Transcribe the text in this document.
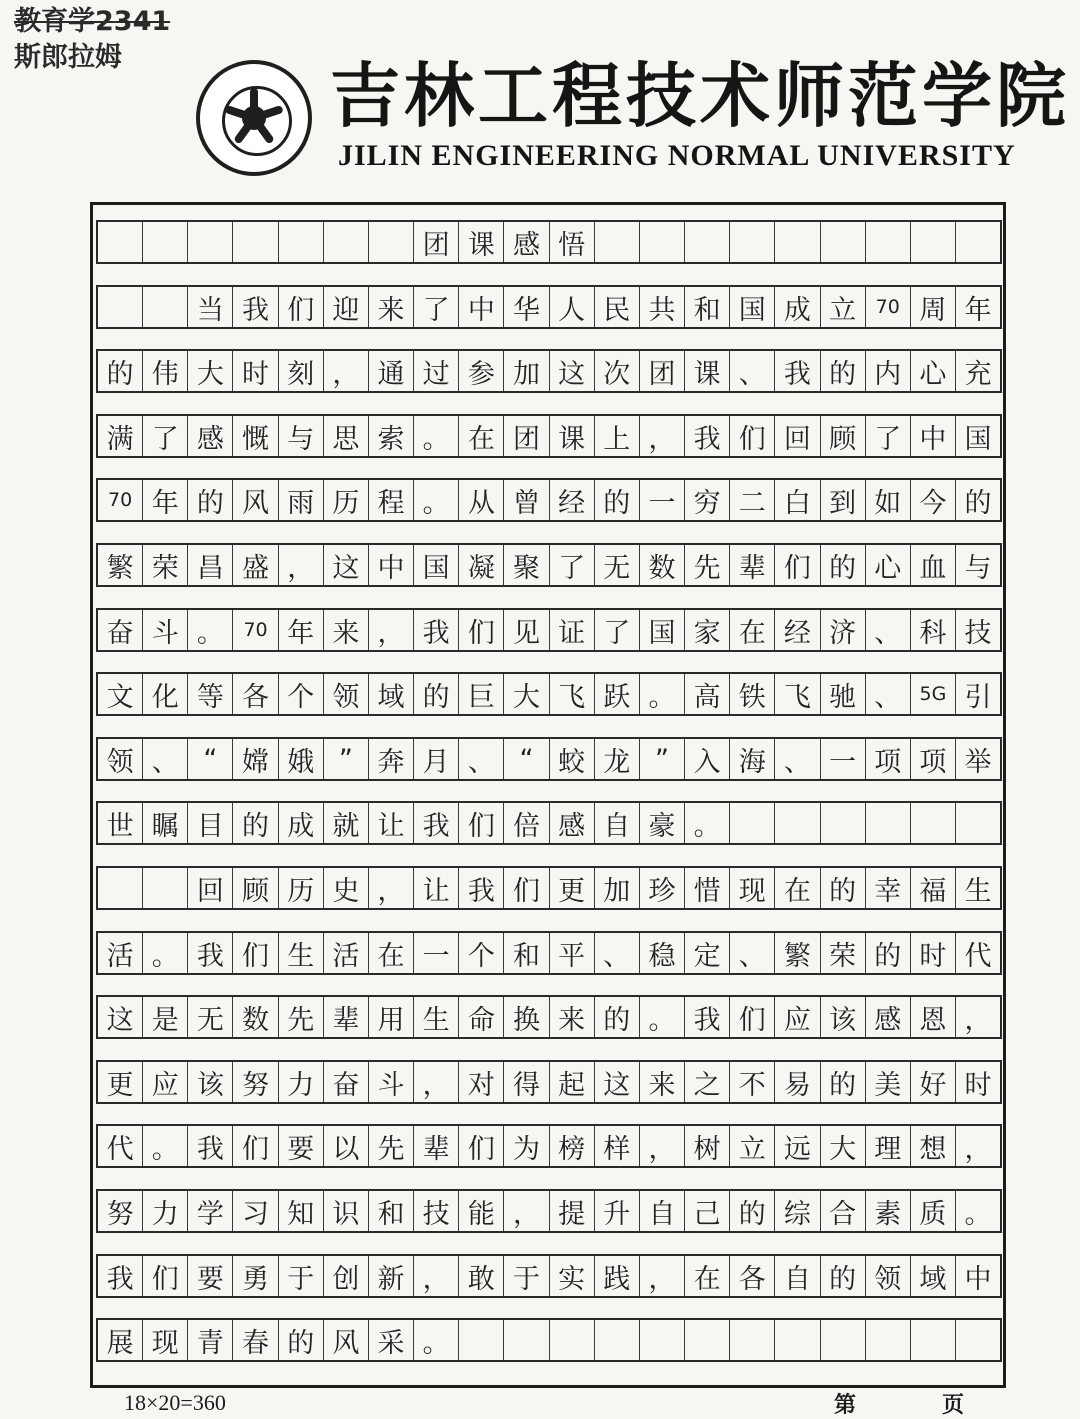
教育学2341
斯郎拉姆	吉林工程技术师范学院
JILIN ENGINEERING NORMAL UNIVERSITY
团 课 感 悟
当 我 们 迎 来 了 中 华 人 民 共 和 国 成 立	70 周 年
的 伟 大 时 刻 ， 通 过 参 加 这 次 团 课 、 我 的 内 心 充
满 了 感 慨 与 思 索 。 在 团 课 上 ， 我 们 回 顾 了 中 国
70 年 的 风 雨 历 程 。 从 曾 经 的 一 穷 二 白 到 如 今 的
繁 荣 昌 盛 ， 这 中 国 凝 聚 了 无 数 先 辈 们 的 心 血 与
奋 斗 。	70 年 来 ， 我 们 见 证 了 国 家 在 经 济 、 科 技
文 化 等 各 个 领 域 的 巨 大 飞 跃 。 高 铁 飞 驰 、 5G 引
领 、 “ 嫦 娥 ” 奔 月 、 “ 蛟 龙 ” 入 海 、 一 项 项 举
世 瞩 目 的 成 就 让 我 们 倍 感 自 豪 。
回 顾 历 史 ， 让 我 们 更 加 珍 惜 现 在 的 幸 福 生
活 。 我 们 生 活 在 一 个 和 平 、 稳 定 、 繁 荣 的 时 代
这 是 无 数 先 辈 用 生 命 换 来 的 。 我 们 应 该 感 恩 ，
更 应 该 努 力 奋 斗 ， 对 得 起 这 来 之 不 易 的 美 好 时
代 。 我 们 要 以 先 辈 们 为 榜 样 ， 树 立 远 大 理 想 ，
努 力 学 习 知 识 和 技 能 ， 提 升 自 己 的 综 合 素 质 。
我 们 要 勇 于 创 新 ， 敢 于 实 践 ， 在 各 自 的 领 域 中
展 现 青 春 的 风 采 。
18×20=360	第	页
